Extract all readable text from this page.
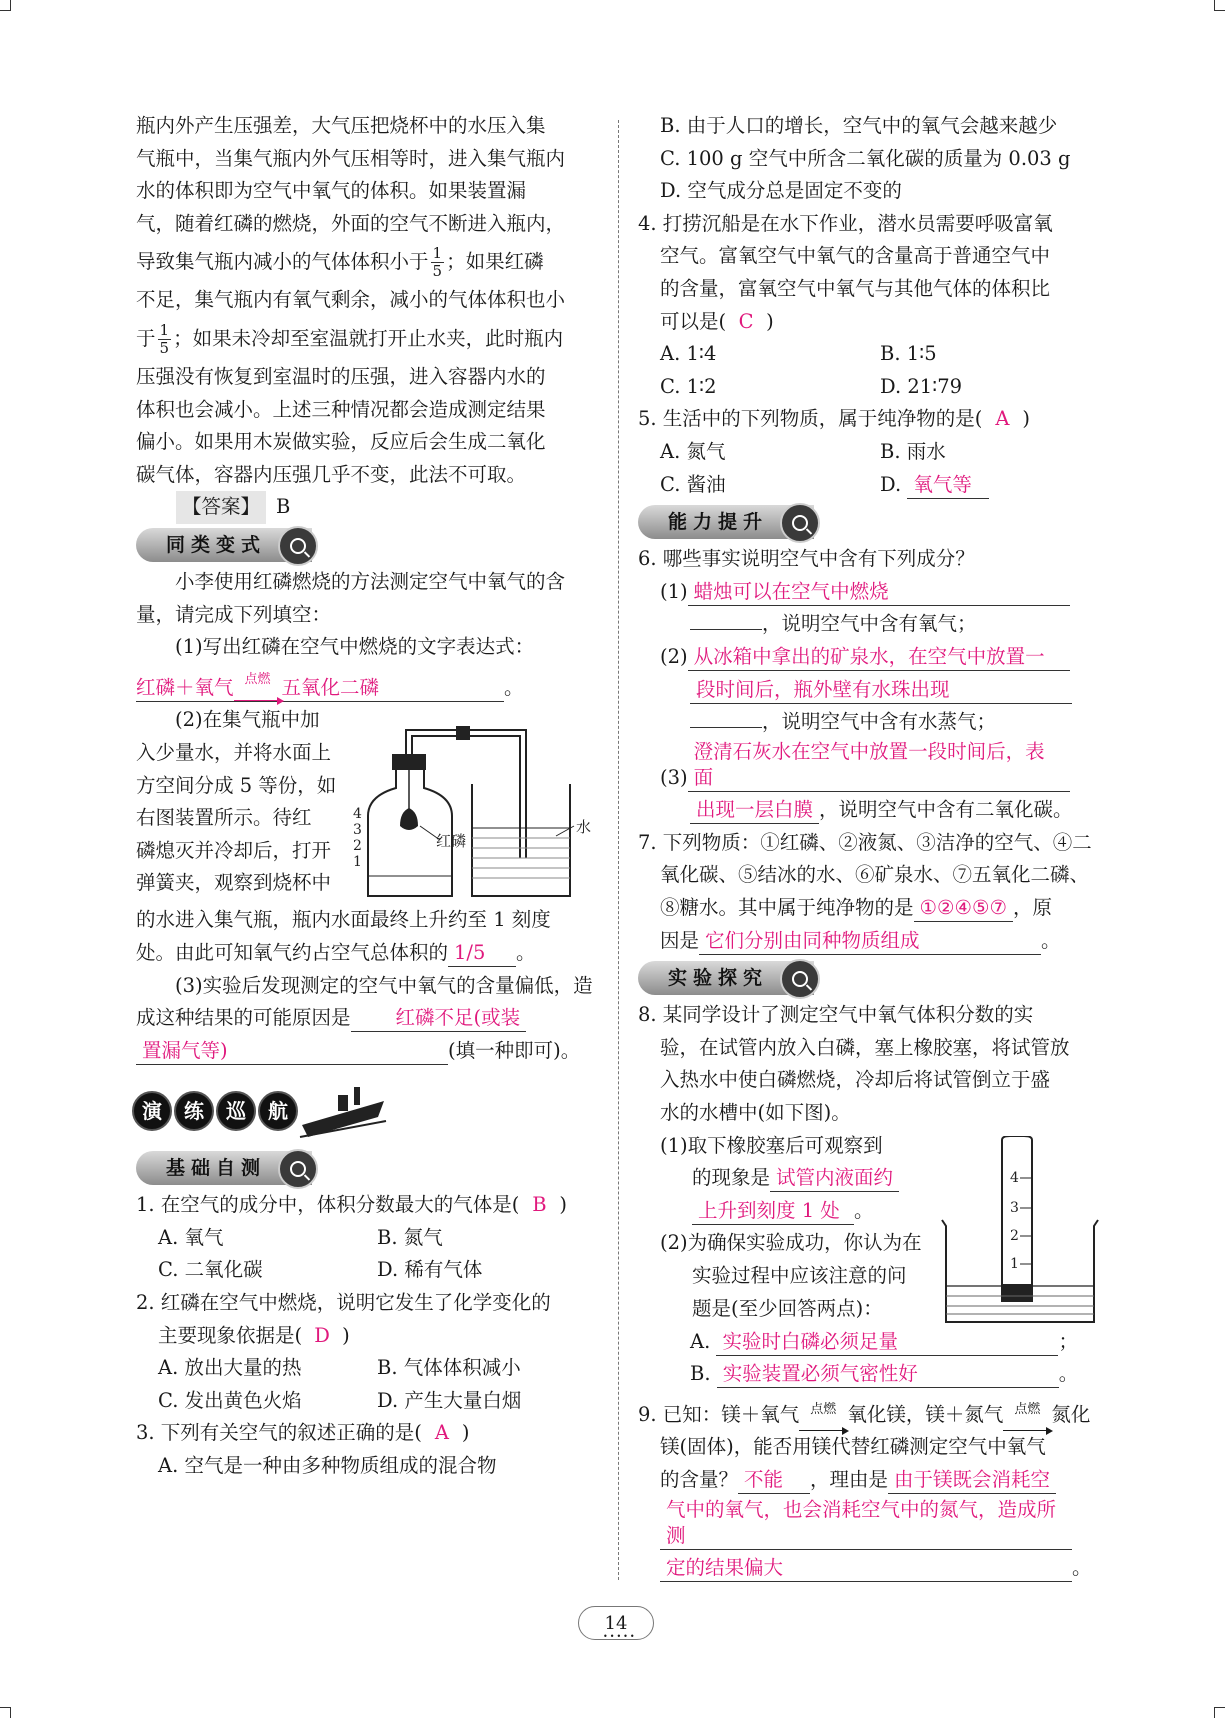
瓶内外产生压强差，大气压把烧杯中的水压入集

气瓶中，当集气瓶内外气压相等时，进入集气瓶内

水的体积即为空气中氧气的体积。如果装置漏

气，随着红磷的燃烧，外面的空气不断进入瓶内，

导致集气瓶内减小的气体体积小于 $\frac{1}{5}$ ；如果红磷

不足，集气瓶内有氧气剩余，减小的气体体积也小

于 $\frac{1}{5}$ ；如果未冷却至室温就打开止水夹，此时瓶内

压强没有恢复到室温时的压强，进入容器内水的

体积也会减小。上述三种情况都会造成测定结果

偏小。如果用木炭做实验，反应后会生成二氧化

碳气体，容器内压强几乎不变，此法不可取。

【答案】 B

同类变式

小李使用红磷燃烧的方法测定空气中氧气的含量，请完成下列填空：

(1)写出红磷在空气中燃烧的文字表达式：

红磷＋氧气 点燃 五氧化二磷	。

(2)在集气瓶中加

入少量水，并将水面上

方空间分成 5 等份，如

右图装置所示。待红

磷熄灭并冷却后，打开

弹簧夹，观察到烧杯中

4
3
2
1
红磷
水

的水进入集气瓶，瓶内水面最终上升约至 1 刻度

处。由此可知氧气约占空气总体积的 1/5 。

(3)实验后发现测定的空气中氧气的含量偏低，造成这种结果的可能原因是 红磷不足(或装

置漏气等)	(填一种即可)。

演	练	巡	航
基础自测

1. 在空气的成分中，体积分数最大的气体是( B )

A. 氧气	B. 氮气
C. 二氧化碳	D. 稀有气体

2. 红磷在空气中燃烧，说明它发生了化学变化的

主要现象依据是( D )

A. 放出大量的热	B. 气体体积减小
C. 发出黄色火焰	D. 产生大量白烟

3. 下列有关空气的叙述正确的是( A )

A. 空气是一种由多种物质组成的混合物

B. 由于人口的增长，空气中的氧气会越来越少

C. 100 g 空气中所含二氧化碳的质量为 0.03 g

D. 空气成分总是固定不变的

4. 打捞沉船是在水下作业，潜水员需要呼吸富氧

空气。富氧空气中氧气的含量高于普通空气中

的含量，富氧空气中氧气与其他气体的体积比

可以是( C )

A. 1∶4	B. 1∶5
C. 1∶2	D. 21∶79

5. 生活中的下列物质，属于纯净物的是( A )

A. 氮气	B. 雨水
C. 酱油	D. 氧气等
能力提升

6. 哪些事实说明空气中含有下列成分？

(1) 蜡烛可以在空气中燃烧

，说明空气中含有氧气；

(2) 从冰箱中拿出的矿泉水，在空气中放置一

段时间后，瓶外壁有水珠出现

，说明空气中含有水蒸气；

(3)澄清石灰水在空气中放置一段时间后，表面

出现一层白膜 ，说明空气中含有二氧化碳。

7. 下列物质：①红磷、②液氮、③洁净的空气、④二

氧化碳、⑤结冰的水、⑥矿泉水、⑦五氧化二磷、

⑧糖水。其中属于纯净物的是 ①②④⑤⑦ ，原

因是 它们分别由同种物质组成	。

实验探究

8. 某同学设计了测定空气中氧气体积分数的实

验，在试管内放入白磷，塞上橡胶塞，将试管放

入热水中使白磷燃烧，冷却后将试管倒立于盛

水的水槽中(如下图)。

(1)取下橡胶塞后可观察到

的现象是 试管内液面约

上升到刻度 1 处 。

(2)为确保实验成功，你认为在

实验过程中应该注意的问

题是(至少回答两点)：

4
3
2
1

A. 实验时白磷必须足量	；

B. 实验装置必须气密性好	。

9. 已知：镁＋氧气 点燃 氧化镁，镁＋氮气 点燃 氮化

镁(固体)，能否用镁代替红磷测定空气中氧气

的含量？ 不能 ，理由是 由于镁既会消耗空

气中的氧气，也会消耗空气中的氮气，造成所测

定的结果偏大	。

14
•••••
